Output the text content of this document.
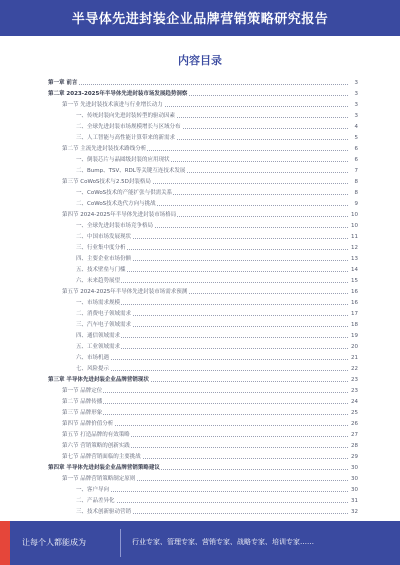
半导体先进封装企业品牌营销策略研究报告
内容目录
第一章 前言	3
第二章 2023-2025年半导体先进封装市场发展趋势洞察	3
第一节 先进封装技术演进与行业增长动力	3
一、传统封装向先进封装转型的驱动因素	3
二、全球先进封装市场规模增长与区域分布	4
三、人工智能与高性能计算带来的新需求	5
第二节 主流先进封装技术路线分析	6
一、倒装芯片与晶圆级封装的应用现状	6
二、Bump、TSV、RDL等关键互连技术发展	7
第三节 CoWoS技术与2.5D封装格局	8
一、CoWoS技术的产能扩张与供需关系	8
二、CoWoS技术迭代方向与挑战	9
第四节 2024-2025年半导体先进封装市场格局	10
一、全球先进封装市场竞争格局	10
二、中国市场发展现状	11
三、行业集中度分析	12
四、主要企业市场份额	13
五、技术壁垒与门槛	14
六、未来趋势展望	15
第五节 2024-2025年半导体先进封装市场需求预测	16
一、市场需求规模	16
二、消费电子领域需求	17
三、汽车电子领域需求	18
四、通信领域需求	19
五、工业领域需求	20
六、市场机遇	21
七、风险提示	22
第三章 半导体先进封装企业品牌营销现状	23
第一节 品牌定位	23
第二节 品牌传播	24
第三节 品牌形象	25
第四节 品牌价值分析	26
第五节 打造品牌的有效策略	27
第六节 营销策略的创新实践	28
第七节 品牌营销面临的主要挑战	29
第四章 半导体先进封装企业品牌营销策略建议	30
第一节 品牌营销策略制定原则	30
一、客户导向	30
二、产品差异化	31
三、技术创新驱动营销	32
让每个人都能成为	行业专家、管理专家、营销专家、战略专家、培训专家……
